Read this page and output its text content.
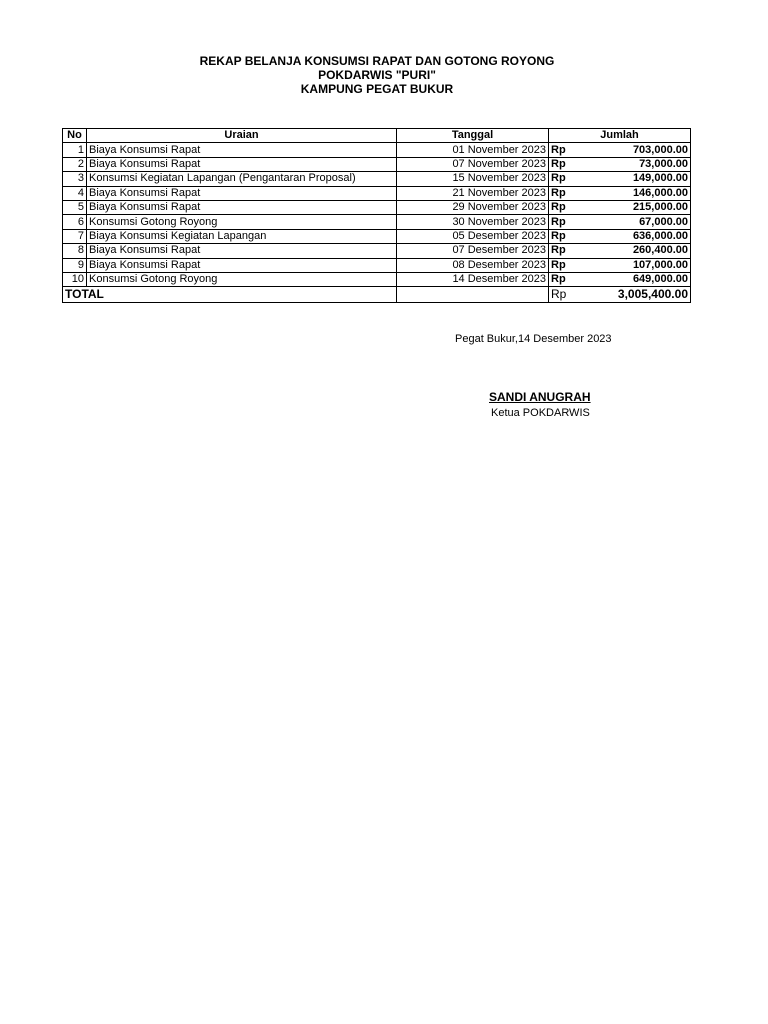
REKAP BELANJA KONSUMSI RAPAT DAN GOTONG ROYONG
POKDARWIS "PURI"
KAMPUNG PEGAT BUKUR
No	Uraian	Tanggal	Jumlah	
1	Biaya Konsumsi Rapat	01 November 2023	Rp	703,000.00
2	Biaya Konsumsi Rapat	07 November 2023	Rp	73,000.00
3	Konsumsi Kegiatan Lapangan (Pengantaran Proposal)	15 November 2023	Rp	149,000.00
4	Biaya Konsumsi Rapat	21 November 2023	Rp	146,000.00
5	Biaya Konsumsi Rapat	29 November 2023	Rp	215,000.00
6	Konsumsi Gotong Royong	30 November 2023	Rp	67,000.00
7	Biaya Konsumsi Kegiatan Lapangan	05 Desember 2023	Rp	636,000.00
8	Biaya Konsumsi Rapat	07 Desember 2023	Rp	260,400.00
9	Biaya Konsumsi Rapat	08 Desember 2023	Rp	107,000.00
10	Konsumsi Gotong Royong	14 Desember 2023	Rp	649,000.00
TOTAL			Rp	3,005,400.00
Pegat Bukur,14 Desember 2023
SANDI ANUGRAH
Ketua POKDARWIS
